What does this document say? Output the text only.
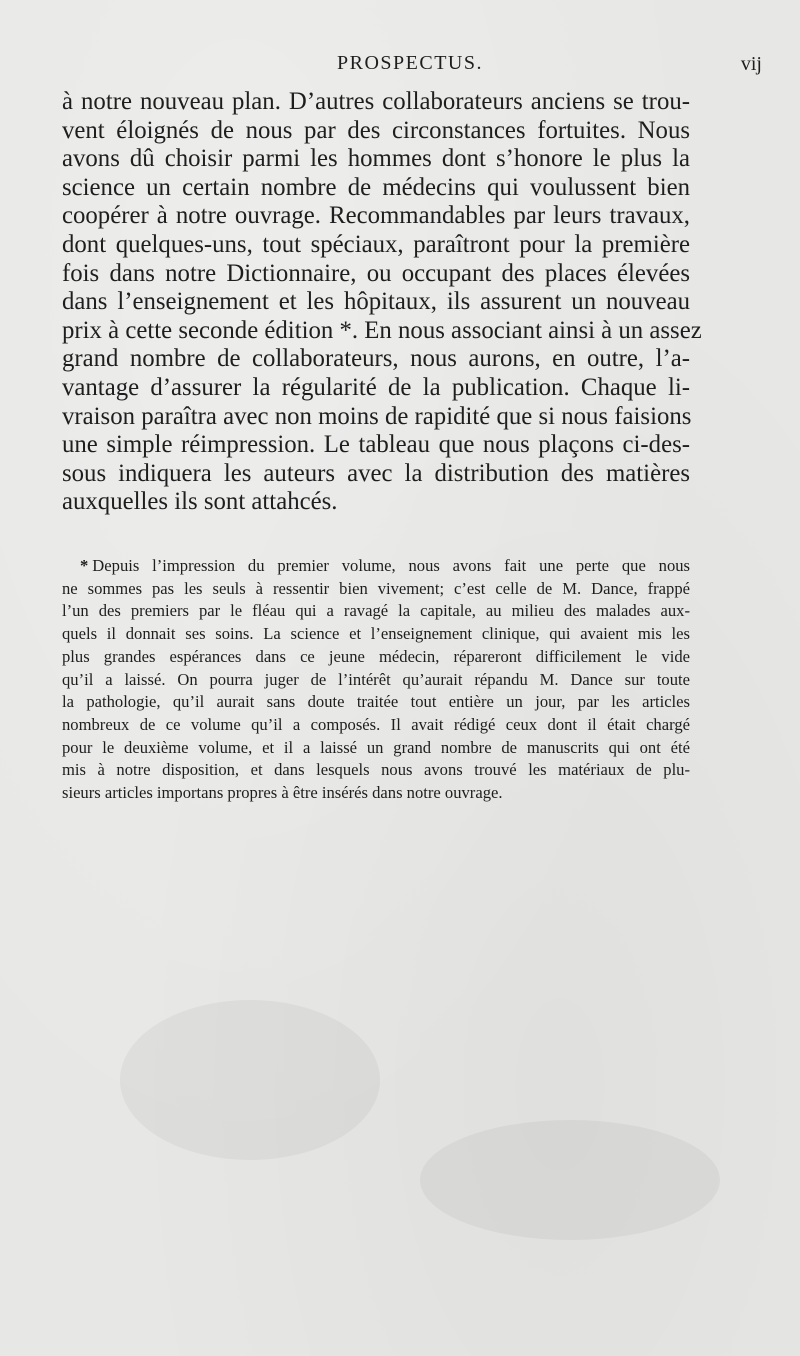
PROSPECTUS.	vij
à notre nouveau plan. D’autres collaborateurs anciens se trou-
vent éloignés de nous par des circonstances fortuites. Nous
avons dû choisir parmi les hommes dont s’honore le plus la
science un certain nombre de médecins qui voulussent bien
coopérer à notre ouvrage. Recommandables par leurs travaux,
dont quelques-uns, tout spéciaux, paraîtront pour la première
fois dans notre Dictionnaire, ou occupant des places élevées
dans l’enseignement et les hôpitaux, ils assurent un nouveau
prix à cette seconde édition *. En nous associant ainsi à un assez
grand nombre de collaborateurs, nous aurons, en outre, l’a-
vantage d’assurer la régularité de la publication. Chaque li-
vraison paraîtra avec non moins de rapidité que si nous faisions
une simple réimpression. Le tableau que nous plaçons ci-des-
sous indiquera les auteurs avec la distribution des matières
auxquelles ils sont attahcés.
* Depuis l’impression du premier volume, nous avons fait une perte que nous
ne sommes pas les seuls à ressentir bien vivement; c’est celle de M. Dance, frappé
l’un des premiers par le fléau qui a ravagé la capitale, au milieu des malades aux-
quels il donnait ses soins. La science et l’enseignement clinique, qui avaient mis les
plus grandes espérances dans ce jeune médecin, répareront difficilement le vide
qu’il a laissé. On pourra juger de l’intérêt qu’aurait répandu M. Dance sur toute
la pathologie, qu’il aurait sans doute traitée tout entière un jour, par les articles
nombreux de ce volume qu’il a composés. Il avait rédigé ceux dont il était chargé
pour le deuxième volume, et il a laissé un grand nombre de manuscrits qui ont été
mis à notre disposition, et dans lesquels nous avons trouvé les matériaux de plu-
sieurs articles importans propres à être insérés dans notre ouvrage.
